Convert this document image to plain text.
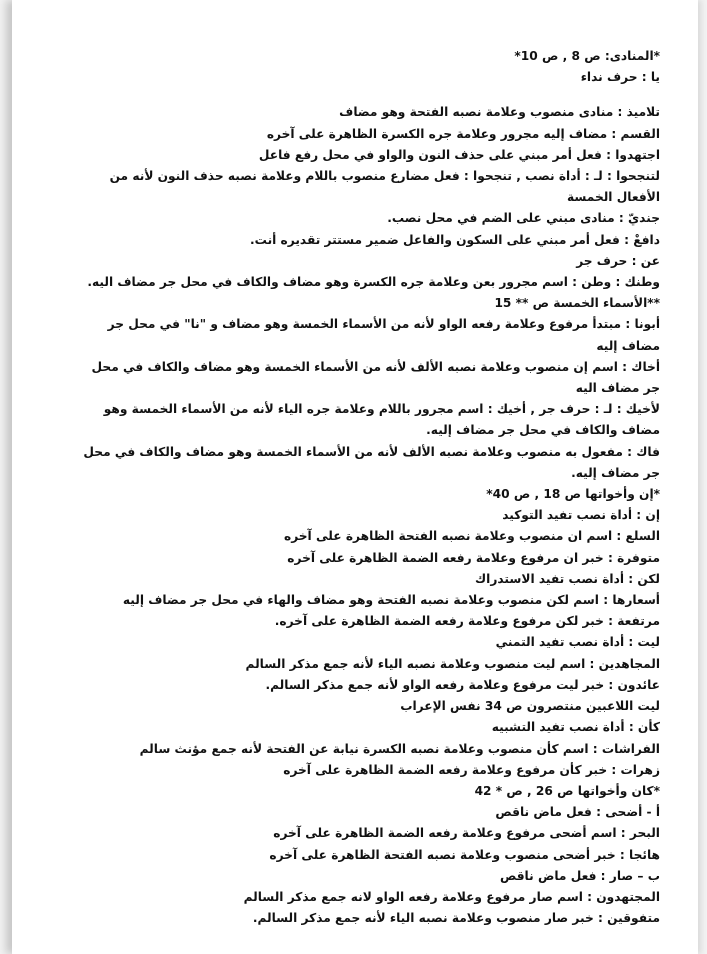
*المنادى: ص 8 , ص 10*
يا : حرف نداء
تلاميذ : منادى منصوب وعلامة نصبه الفتحة وهو مضاف
القسم : مضاف إليه مجرور وعلامة جره الكسرة الظاهرة على آخره
اجتهدوا : فعل أمر مبني على حذف النون والواو في محل رفع فاعل
لتنجحوا : لـ : أداة نصب , تنجحوا : فعل مضارع منصوب باللام وعلامة نصبه حذف النون لأنه من الأفعال الخمسة
جنديّ : منادى مبني على الضم في محل نصب.
دافعْ : فعل أمر مبني على السكون والفاعل ضمير مستتر تقديره أنت.
عن : حرف جر
وطنك : وطن : اسم مجرور بعن وعلامة جره الكسرة وهو مضاف والكاف في محل جر مضاف اليه.
**الأسماء الخمسة ص ** 15
أبونا : مبتدأ مرفوع وعلامة رفعه الواو لأنه من الأسماء الخمسة وهو مضاف و "نا" في محل جر مضاف إليه
أخاك : اسم إن منصوب وعلامة نصبه الألف لأنه من الأسماء الخمسة وهو مضاف والكاف في محل جر مضاف اليه
لأخيك : لـ : حرف جر , أخيك : اسم مجرور باللام وعلامة جره الياء لأنه من الأسماء الخمسة وهو مضاف والكاف في محل جر مضاف إليه.
فاك : مفعول به منصوب وعلامة نصبه الألف لأنه من الأسماء الخمسة وهو مضاف والكاف في محل جر مضاف إليه.
*إن وأخواتها ص 18 , ص 40*
إن : أداة نصب تفيد التوكيد
السلع : اسم ان منصوب وعلامة نصبه الفتحة الظاهرة على آخره
متوفرة : خبر ان مرفوع وعلامة رفعه الضمة الظاهرة على آخره
لكن : أداة نصب تفيد الاستدراك
أسعارها : اسم لكن منصوب وعلامة نصبه الفتحة وهو مضاف والهاء في محل جر مضاف إليه
مرتفعة : خبر لكن مرفوع وعلامة رفعه الضمة الظاهرة على آخره.
ليت : أداة نصب تفيد التمني
المجاهدين : اسم ليت منصوب وعلامة نصبه الياء لأنه جمع مذكر السالم
عائدون : خبر ليت مرفوع وعلامة رفعه الواو لأنه جمع مذكر السالم.
ليت اللاعبين منتصرون ص 34 نفس الإعراب
كأن : أداة نصب تفيد التشبيه
الفراشات : اسم كأن منصوب وعلامة نصبه الكسرة نيابة عن الفتحة لأنه جمع مؤنث سالم
زهرات : خبر كأن مرفوع وعلامة رفعه الضمة الظاهرة على آخره
*كان وأخواتها ص 26 , ص * 42
أ - أضحى : فعل ماض ناقص
البحر : اسم أضحى مرفوع وعلامة رفعه الضمة الظاهرة على آخره
هائجا : خبر أضحى منصوب وعلامة نصبه الفتحة الظاهرة على آخره
ب – صار : فعل ماض ناقص
المجتهدون : اسم صار مرفوع وعلامة رفعه الواو لانه جمع مذكر السالم
متفوقين : خبر صار منصوب وعلامة نصبه الياء لأنه جمع مذكر السالم.
